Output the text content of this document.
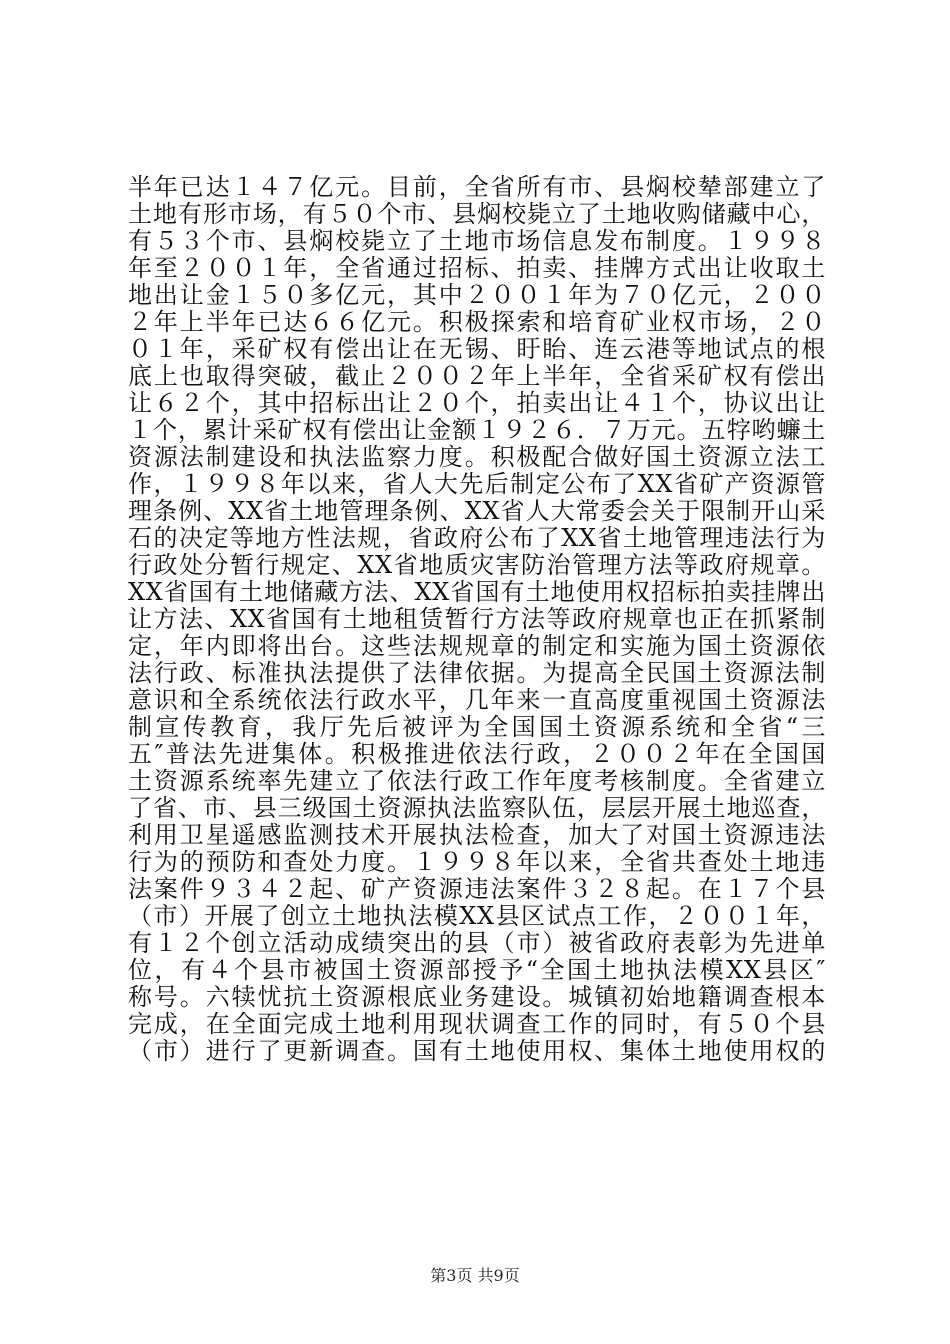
半年已达１４７亿元。目前，全省所有市、县焖校辇部建立了
土地有形市场，有５０个市、县焖校毙立了土地收购储藏中心，
有５３个市、县焖校毙立了土地市场信息发布制度。１９９８
年至２００１年，全省通过招标、拍卖、挂牌方式出让收取土
地出让金１５０多亿元，其中２００１年为７０亿元，２００
２年上半年已达６６亿元。积极探索和培育矿业权市场，２０
０１年，采矿权有偿出让在无锡、盱眙、连云港等地试点的根
底上也取得突破，截止２００２年上半年，全省采矿权有偿出
让６２个，其中招标出让２０个，拍卖出让４１个，协议出让
１个，累计采矿权有偿出让金额１９２６．７万元。五牸哟蠊土
资源法制建设和执法监察力度。积极配合做好国土资源立法工
作，１９９８年以来，省人大先后制定公布了XX省矿产资源管
理条例、XX省土地管理条例、XX省人大常委会关于限制开山采
石的决定等地方性法规，省政府公布了XX省土地管理违法行为
行政处分暂行规定、XX省地质灾害防治管理方法等政府规章。
XX省国有土地储藏方法、XX省国有土地使用权招标拍卖挂牌出
让方法、XX省国有土地租赁暂行方法等政府规章也正在抓紧制
定，年内即将出台。这些法规规章的制定和实施为国土资源依
法行政、标准执法提供了法律依据。为提高全民国土资源法制
意识和全系统依法行政水平，几年来一直高度重视国土资源法
制宣传教育，我厅先后被评为全国国土资源系统和全省“三
五″普法先进集体。积极推进依法行政，２００２年在全国国
土资源系统率先建立了依法行政工作年度考核制度。全省建立
了省、市、县三级国土资源执法监察队伍，层层开展土地巡查，
利用卫星遥感监测技术开展执法检查，加大了对国土资源违法
行为的预防和查处力度。１９９８年以来，全省共查处土地违
法案件９３４２起、矿产资源违法案件３２８起。在１７个县
（市）开展了创立土地执法模XX县区试点工作，２００１年，
有１２个创立活动成绩突出的县（市）被省政府表彰为先进单
位，有４个县市被国土资源部授予“全国土地执法模XX县区″
称号。六犊忧抗土资源根底业务建设。城镇初始地籍调查根本
完成，在全面完成土地利用现状调查工作的同时，有５０个县
（市）进行了更新调查。国有土地使用权、集体土地使用权的
第3页 共9页
